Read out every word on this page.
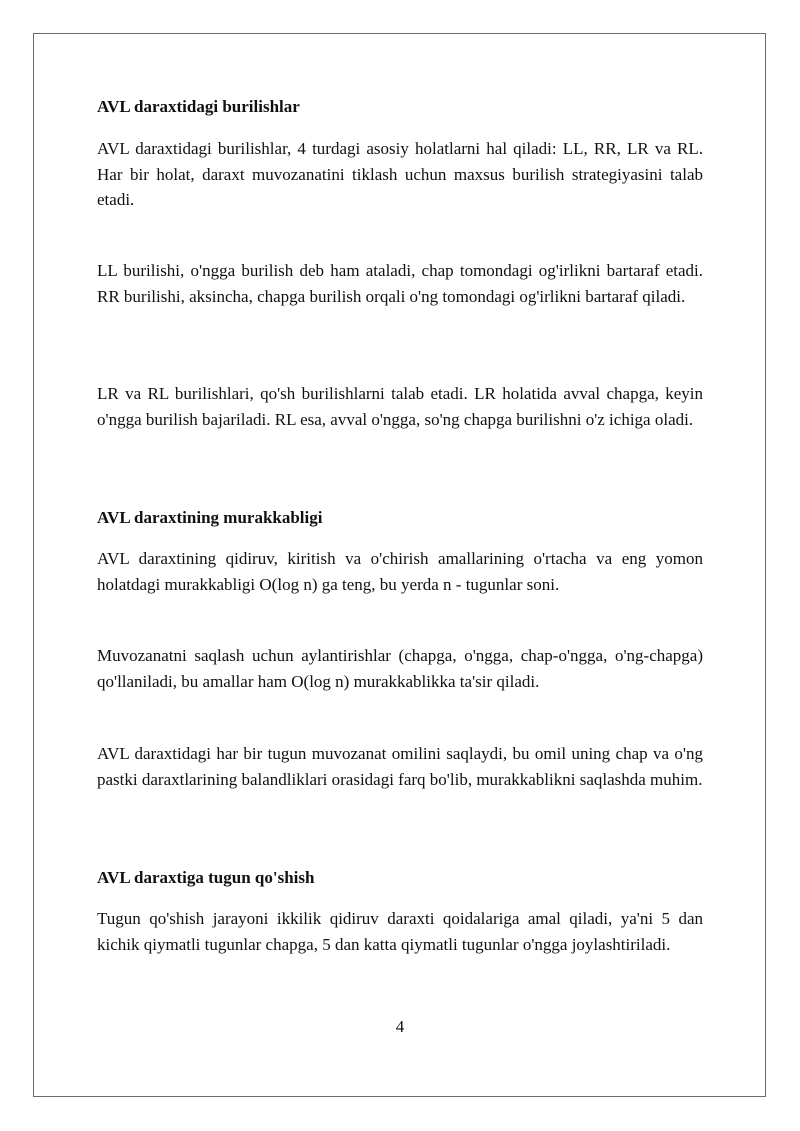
AVL daraxtidagi burilishlar

AVL daraxtidagi burilishlar, 4 turdagi asosiy holatlarni hal qiladi: LL, RR, LR va RL. Har bir holat, daraxt muvozanatini tiklash uchun maxsus burilish strategiyasini talab etadi.

LL burilishi, o'ngga burilish deb ham ataladi, chap tomondagi og'irlikni bartaraf etadi. RR burilishi, aksincha, chapga burilish orqali o'ng tomondagi og'irlikni bartaraf qiladi.

LR va RL burilishlari, qo'sh burilishlarni talab etadi. LR holatida avval chapga, keyin o'ngga burilish bajariladi. RL esa, avval o'ngga, so'ng chapga burilishni o'z ichiga oladi.

AVL daraxtining murakkabligi

AVL daraxtining qidiruv, kiritish va o'chirish amallarining o'rtacha va eng yomon holatdagi murakkabligi O(log n) ga teng, bu yerda n - tugunlar soni.

Muvozanatni saqlash uchun aylantirishlar (chapga, o'ngga, chap-o'ngga, o'ng-chapga) qo'llaniladi, bu amallar ham O(log n) murakkablikka ta'sir qiladi.

AVL daraxtidagi har bir tugun muvozanat omilini saqlaydi, bu omil uning chap va o'ng pastki daraxtlarining balandliklari orasidagi farq bo'lib, murakkablikni saqlashda muhim.

AVL daraxtiga tugun qo'shish

Tugun qo'shish jarayoni ikkilik qidiruv daraxti qoidalariga amal qiladi, ya'ni 5 dan kichik qiymatli tugunlar chapga, 5 dan katta qiymatli tugunlar o'ngga joylashtiriladi.

4
